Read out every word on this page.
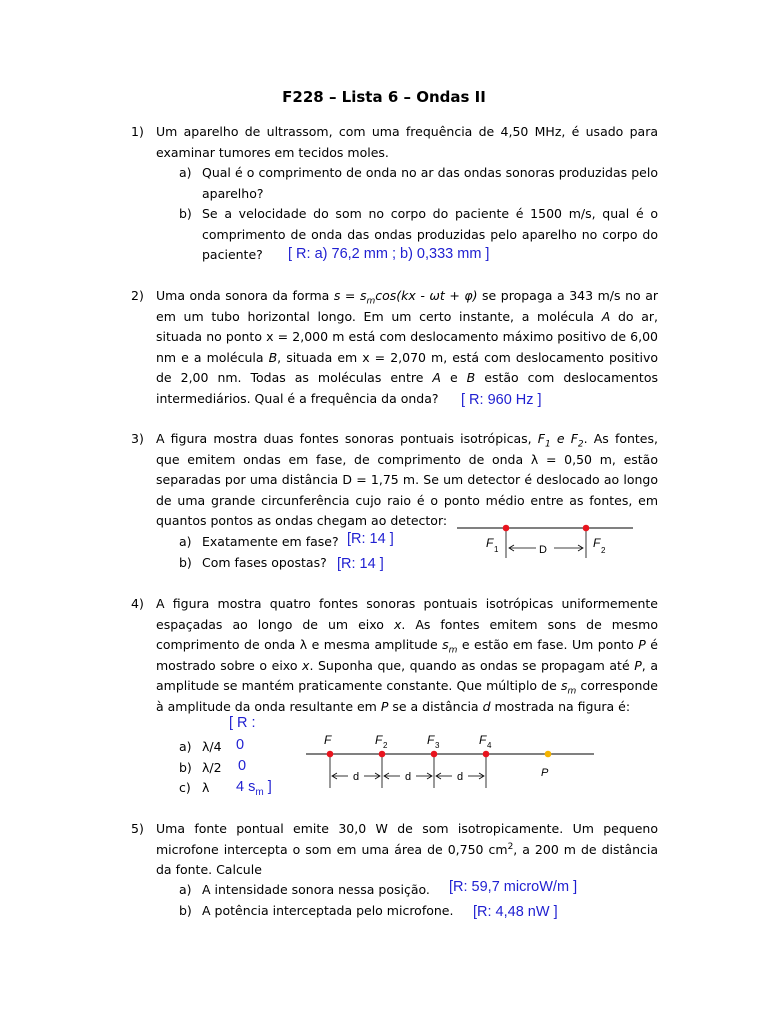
F228 – Lista 6 – Ondas II
1) Um aparelho de ultrassom, com uma frequência de 4,50 MHz, é usado para examinar tumores em tecidos moles.
a) Qual é o comprimento de onda no ar das ondas sonoras produzidas pelo aparelho?
b) Se a velocidade do som no corpo do paciente é 1500 m/s, qual é o comprimento de onda das ondas produzidas pelo aparelho no corpo do paciente?	[ R: a) 76,2 mm ; b) 0,333 mm ]
2) Uma onda sonora da forma $s = s_m\cos(kx - \omega t + \varphi)$ se propaga a 343 m/s no ar em um tubo horizontal longo. Em um certo instante, a molécula A do ar, situada no ponto x = 2,000 m está com deslocamento máximo positivo de 6,00 nm e a molécula B, situada em x = 2,070 m, está com deslocamento positivo de 2,00 nm. Todas as moléculas entre A e B estão com deslocamentos intermediários. Qual é a frequência da onda?	[ R: 960 Hz ]
3) A figura mostra duas fontes sonoras pontuais isotrópicas, $F_1$ e $F_2$. As fontes, que emitem ondas em fase, de comprimento de onda λ = 0,50 m, estão separadas por uma distância D = 1,75 m. Se um detector é deslocado ao longo de uma grande circunferência cujo raio é o ponto médio entre as fontes, em quantos pontos as ondas chegam ao detector:
a) Exatamente em fase? [R: 14 ]
b) Com fases opostas? [R: 14 ]
D
F 1	F
2
4) A figura mostra quatro fontes sonoras pontuais isotrópicas uniformemente espaçadas ao longo de um eixo x. As fontes emitem sons de mesmo comprimento de onda λ e mesma amplitude $s_m$ e estão em fase. Um ponto P é mostrado sobre o eixo x. Suponha que, quando as ondas se propagam até P, a amplitude se mantém praticamente constante. Que múltiplo de $s_m$ corresponde à amplitude da onda resultante em P se a distância d mostrada na figura é:
[ R :
a) λ/4 0
b) λ/2 0
c) λ 4 $s_m$ ]
d	d	d
F	F 2	F 3	F 4
P
5) Uma fonte pontual emite 30,0 W de som isotropicamente. Um pequeno microfone intercepta o som em uma área de 0,750 $cm^2$, a 200 m de distância da fonte. Calcule
a) A intensidade sonora nessa posição. [R: 59,7 microW/m ]
b) A potência interceptada pelo microfone. [R: 4,48 nW ]
